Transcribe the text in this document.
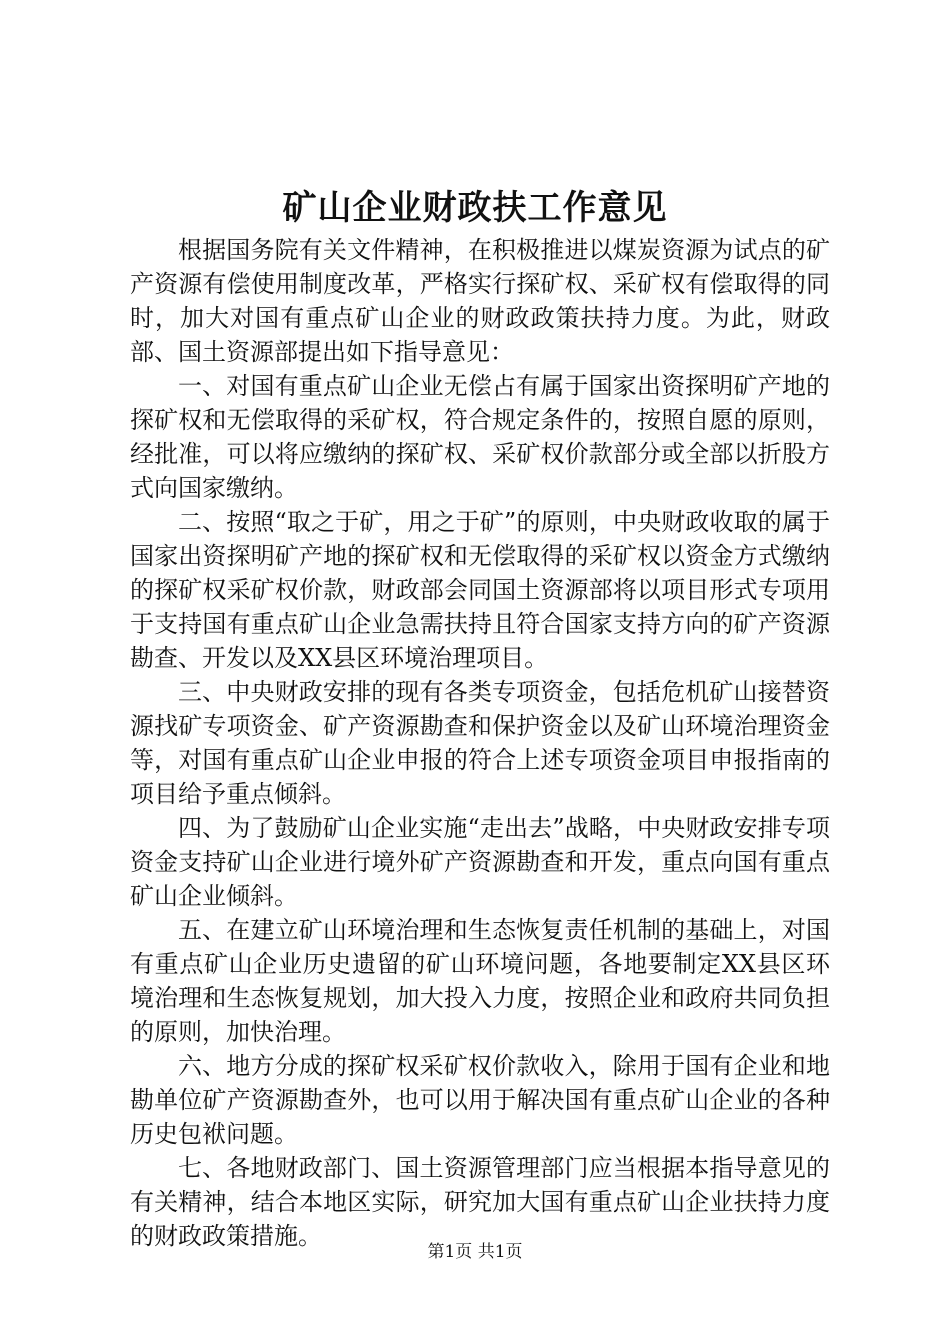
矿山企业财政扶工作意见

根据国务院有关文件精神，在积极推进以煤炭资源为试点的矿产资源有偿使用制度改革，严格实行探矿权、采矿权有偿取得的同时，加大对国有重点矿山企业的财政政策扶持力度。为此，财政部、国土资源部提出如下指导意见：

一、对国有重点矿山企业无偿占有属于国家出资探明矿产地的探矿权和无偿取得的采矿权，符合规定条件的，按照自愿的原则，经批准，可以将应缴纳的探矿权、采矿权价款部分或全部以折股方式向国家缴纳。

二、按照“取之于矿，用之于矿”的原则，中央财政收取的属于国家出资探明矿产地的探矿权和无偿取得的采矿权以资金方式缴纳的探矿权采矿权价款，财政部会同国土资源部将以项目形式专项用于支持国有重点矿山企业急需扶持且符合国家支持方向的矿产资源勘查、开发以及XX县区环境治理项目。

三、中央财政安排的现有各类专项资金，包括危机矿山接替资源找矿专项资金、矿产资源勘查和保护资金以及矿山环境治理资金等，对国有重点矿山企业申报的符合上述专项资金项目申报指南的项目给予重点倾斜。

四、为了鼓励矿山企业实施“走出去”战略，中央财政安排专项资金支持矿山企业进行境外矿产资源勘查和开发，重点向国有重点矿山企业倾斜。

五、在建立矿山环境治理和生态恢复责任机制的基础上，对国有重点矿山企业历史遗留的矿山环境问题，各地要制定XX县区环境治理和生态恢复规划，加大投入力度，按照企业和政府共同负担的原则，加快治理。

六、地方分成的探矿权采矿权价款收入，除用于国有企业和地勘单位矿产资源勘查外，也可以用于解决国有重点矿山企业的各种历史包袱问题。

七、各地财政部门、国土资源管理部门应当根据本指导意见的有关精神，结合本地区实际，研究加大国有重点矿山企业扶持力度的财政政策措施。

第1页 共1页
